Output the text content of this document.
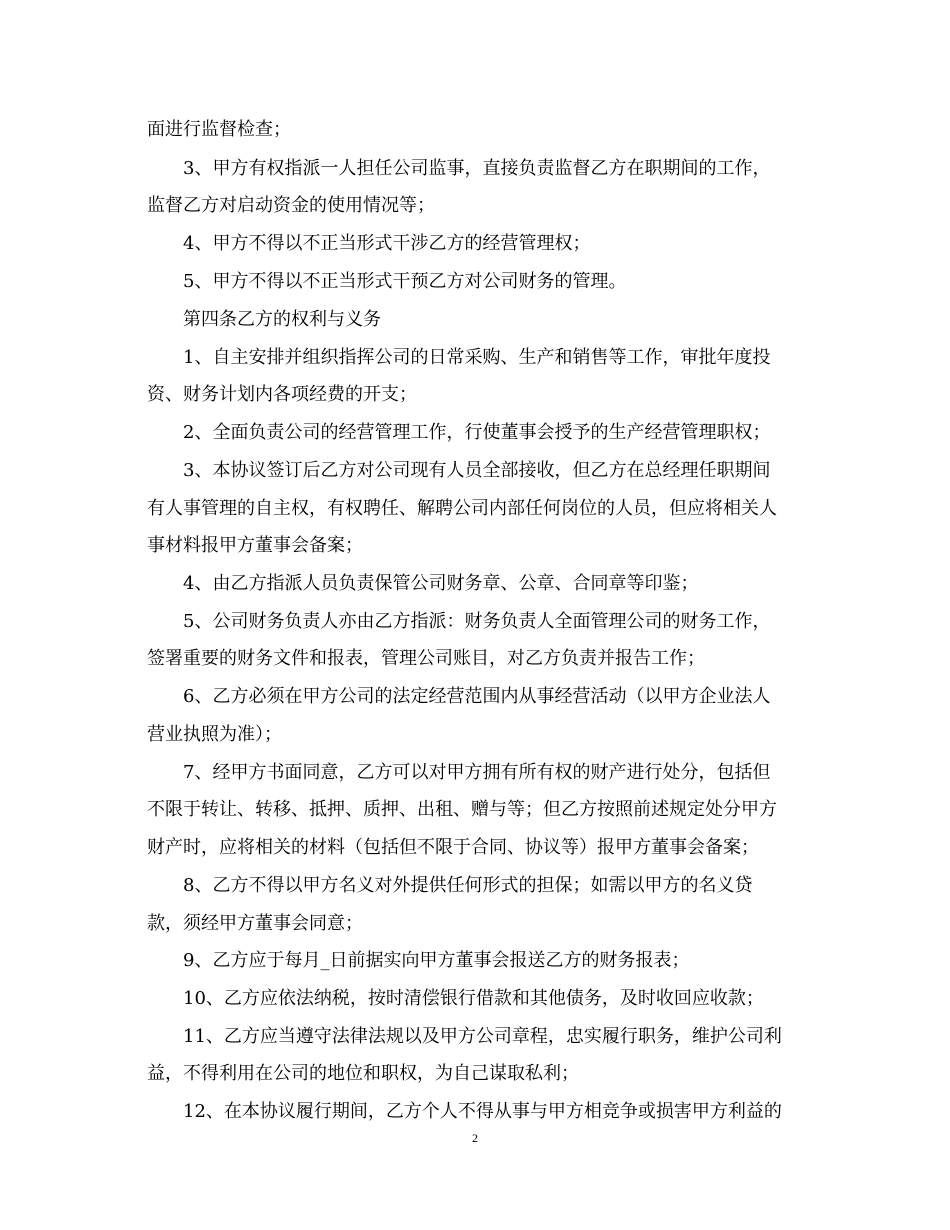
面进行监督检查；
3、甲方有权指派一人担任公司监事，直接负责监督乙方在职期间的工作，
监督乙方对启动资金的使用情况等；
4、甲方不得以不正当形式干涉乙方的经营管理权；
5、甲方不得以不正当形式干预乙方对公司财务的管理。
第四条乙方的权利与义务
1、自主安排并组织指挥公司的日常采购、生产和销售等工作，审批年度投
资、财务计划内各项经费的开支；
2、全面负责公司的经营管理工作，行使董事会授予的生产经营管理职权；
3、本协议签订后乙方对公司现有人员全部接收，但乙方在总经理任职期间
有人事管理的自主权，有权聘任、解聘公司内部任何岗位的人员，但应将相关人
事材料报甲方董事会备案；
4、由乙方指派人员负责保管公司财务章、公章、合同章等印鉴；
5、公司财务负责人亦由乙方指派：财务负责人全面管理公司的财务工作，
签署重要的财务文件和报表，管理公司账目，对乙方负责并报告工作；
6、乙方必须在甲方公司的法定经营范围内从事经营活动（以甲方企业法人
营业执照为准）；
7、经甲方书面同意，乙方可以对甲方拥有所有权的财产进行处分，包括但
不限于转让、转移、抵押、质押、出租、赠与等；但乙方按照前述规定处分甲方
财产时，应将相关的材料（包括但不限于合同、协议等）报甲方董事会备案；
8、乙方不得以甲方名义对外提供任何形式的担保；如需以甲方的名义贷
款，须经甲方董事会同意；
9、乙方应于每月_日前据实向甲方董事会报送乙方的财务报表；
10、乙方应依法纳税，按时清偿银行借款和其他债务，及时收回应收款；
11、乙方应当遵守法律法规以及甲方公司章程，忠实履行职务，维护公司利
益，不得利用在公司的地位和职权，为自己谋取私利；
12、在本协议履行期间，乙方个人不得从事与甲方相竞争或损害甲方利益的
2
